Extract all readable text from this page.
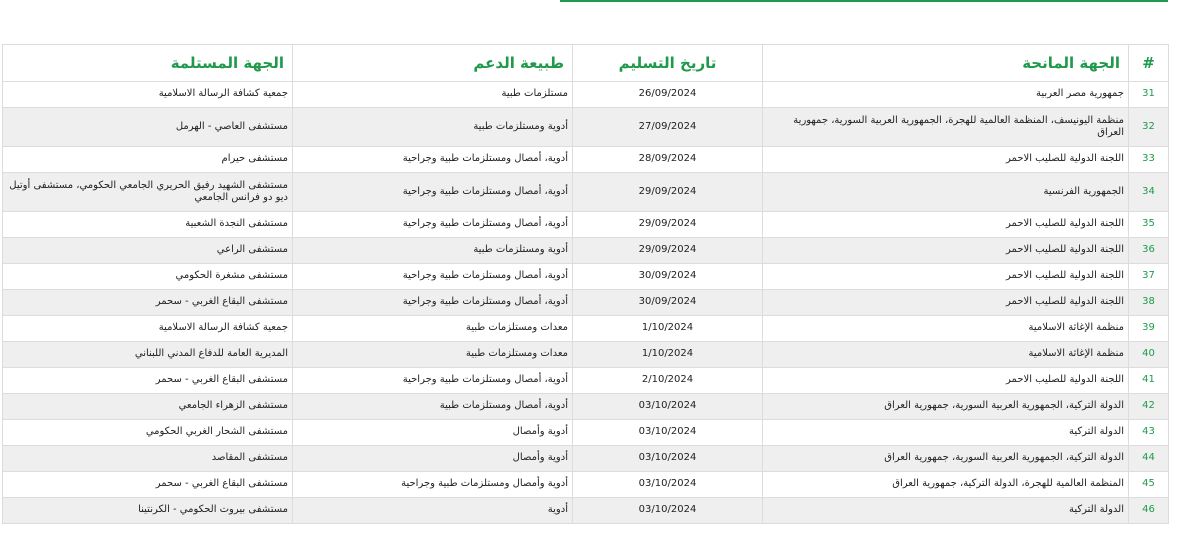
#	الجهة المانحة	تاريخ التسليم	طبيعة الدعم	الجهة المستلمة
31	جمهورية مصر العربية	26/09/2024	مستلزمات طبية	جمعية كشافة الرسالة الاسلامية
32	منظمة اليونيسف، المنظمة العالمية للهجرة، الجمهورية العربية السورية، جمهورية العراق	27/09/2024	أدوية ومستلزمات طبية	مستشفى العاصي - الهرمل
33	اللجنة الدولية للصليب الاحمر	28/09/2024	أدوية، أمصال ومستلزمات طبية وجراحية	مستشفى حيرام
34	الجمهورية الفرنسية	29/09/2024	أدوية، أمصال ومستلزمات طبية وجراحية	مستشفى الشهيد رفيق الحريري الجامعي الحكومي، مستشفى أوتيل ديو دو فرانس الجامعي
35	اللجنة الدولية للصليب الاحمر	29/09/2024	أدوية، أمصال ومستلزمات طبية وجراحية	مستشفى النجدة الشعبية
36	اللجنة الدولية للصليب الاحمر	29/09/2024	أدوية ومستلزمات طبية	مستشفى الراعي
37	اللجنة الدولية للصليب الاحمر	30/09/2024	أدوية، أمصال ومستلزمات طبية وجراحية	مستشفى مشغرة الحكومي
38	اللجنة الدولية للصليب الاحمر	30/09/2024	أدوية، أمصال ومستلزمات طبية وجراحية	مستشفى البقاع الغربي - سحمر
39	منظمة الإغاثة الاسلامية	1/10/2024	معدات ومستلزمات طبية	جمعية كشافة الرسالة الاسلامية
40	منظمة الإغاثة الاسلامية	1/10/2024	معدات ومستلزمات طبية	المديرية العامة للدفاع المدني اللبناني
41	اللجنة الدولية للصليب الاحمر	2/10/2024	أدوية، أمصال ومستلزمات طبية وجراحية	مستشفى البقاع الغربي - سحمر
42	الدولة التركية، الجمهورية العربية السورية، جمهورية العراق	03/10/2024	أدوية، أمصال ومستلزمات طبية	مستشفى الزهراء الجامعي
43	الدولة التركية	03/10/2024	أدوية وأمصال	مستشفى الشحار الغربي الحكومي
44	الدولة التركية، الجمهورية العربية السورية، جمهورية العراق	03/10/2024	أدوية وأمصال	مستشفى المقاصد
45	المنظمة العالمية للهجرة، الدولة التركية، جمهورية العراق	03/10/2024	أدوية وأمصال ومستلزمات طبية وجراحية	مستشفى البقاع الغربي - سحمر
46	الدولة التركية	03/10/2024	أدوية	مستشفى بيروت الحكومي - الكرنتينا
